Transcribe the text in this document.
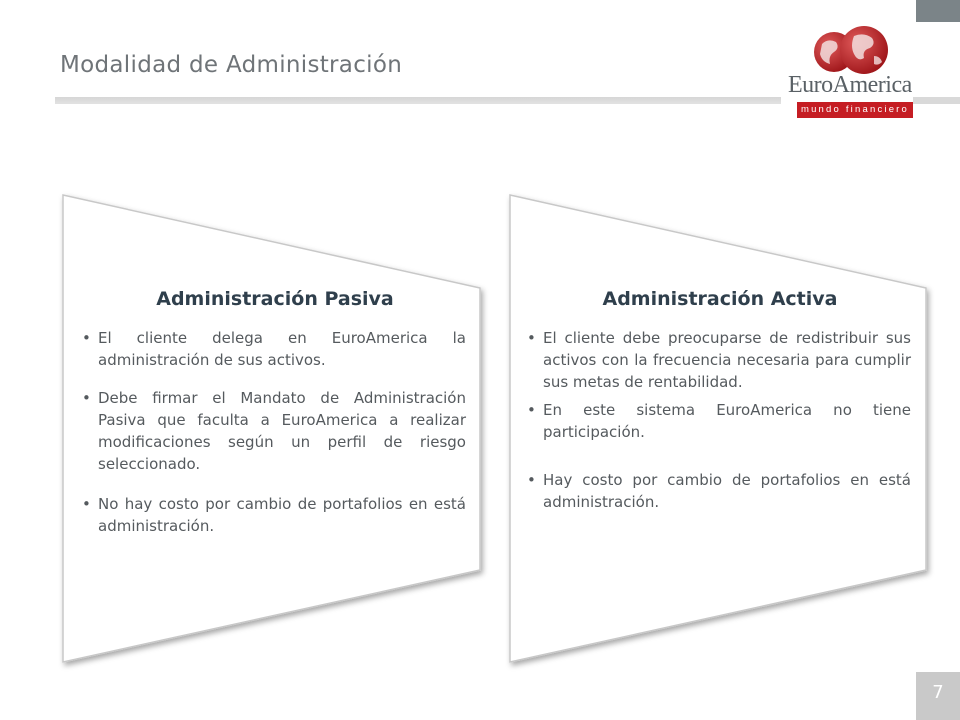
Modalidad de Administración
EuroAmerica
mundo financiero
Administración Pasiva
• El cliente delega en EuroAmerica la administración de sus activos.
• Debe firmar el Mandato de Administración Pasiva que faculta a EuroAmerica a realizar modificaciones según un perfil de riesgo seleccionado.
• No hay costo por cambio de portafolios en está administración.
Administración Activa
• El cliente debe preocuparse de redistribuir sus activos con la frecuencia necesaria para cumplir sus metas de rentabilidad.
• En este sistema EuroAmerica no tiene participación.
• Hay costo por cambio de portafolios en está administración.
7
